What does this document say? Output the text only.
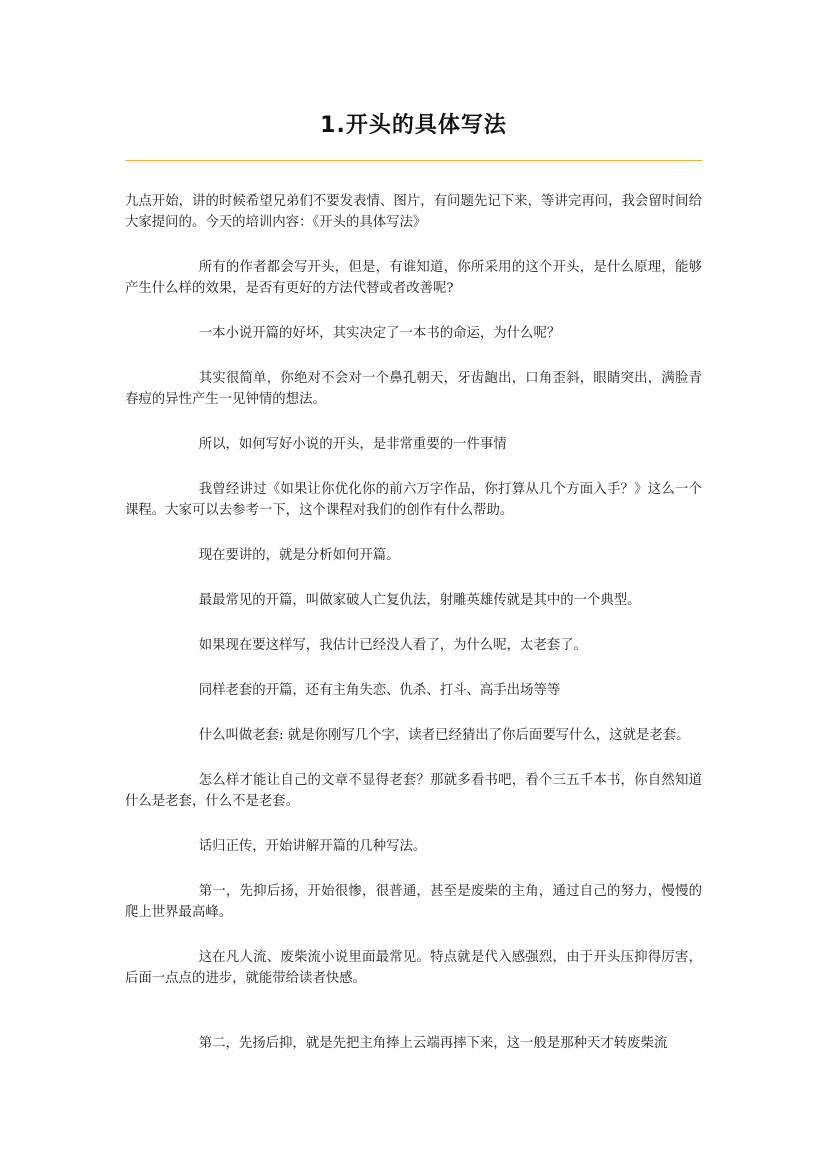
1.开头的具体写法

九点开始，讲的时候希望兄弟们不要发表情、图片，有问题先记下来，等讲完再问，我会留时间给大家提问的。今天的培训内容：《开头的具体写法》

所有的作者都会写开头，但是，有谁知道，你所采用的这个开头，是什么原理，能够产生什么样的效果，是否有更好的方法代替或者改善呢?

一本小说开篇的好坏，其实决定了一本书的命运，为什么呢？

其实很简单，你绝对不会对一个鼻孔朝天，牙齿龅出，口角歪斜，眼睛突出，满脸青春痘的异性产生一见钟情的想法。

所以，如何写好小说的开头，是非常重要的一件事情

我曾经讲过《如果让你优化你的前六万字作品，你打算从几个方面入手？》这么一个课程。大家可以去参考一下，这个课程对我们的创作有什么帮助。

现在要讲的，就是分析如何开篇。

最最常见的开篇，叫做家破人亡复仇法，射雕英雄传就是其中的一个典型。

如果现在要这样写，我估计已经没人看了，为什么呢，太老套了。

同样老套的开篇，还有主角失恋、仇杀、打斗、高手出场等等

什么叫做老套: 就是你刚写几个字，读者已经猜出了你后面要写什么，这就是老套。

怎么样才能让自己的文章不显得老套？那就多看书吧，看个三五千本书，你自然知道什么是老套，什么不是老套。

话归正传，开始讲解开篇的几种写法。

第一，先抑后扬，开始很惨，很普通，甚至是废柴的主角，通过自己的努力，慢慢的爬上世界最高峰。

这在凡人流、废柴流小说里面最常见。特点就是代入感强烈，由于开头压抑得厉害，后面一点点的进步，就能带给读者快感。

第二，先扬后抑，就是先把主角捧上云端再摔下来，这一般是那种天才转废柴流
